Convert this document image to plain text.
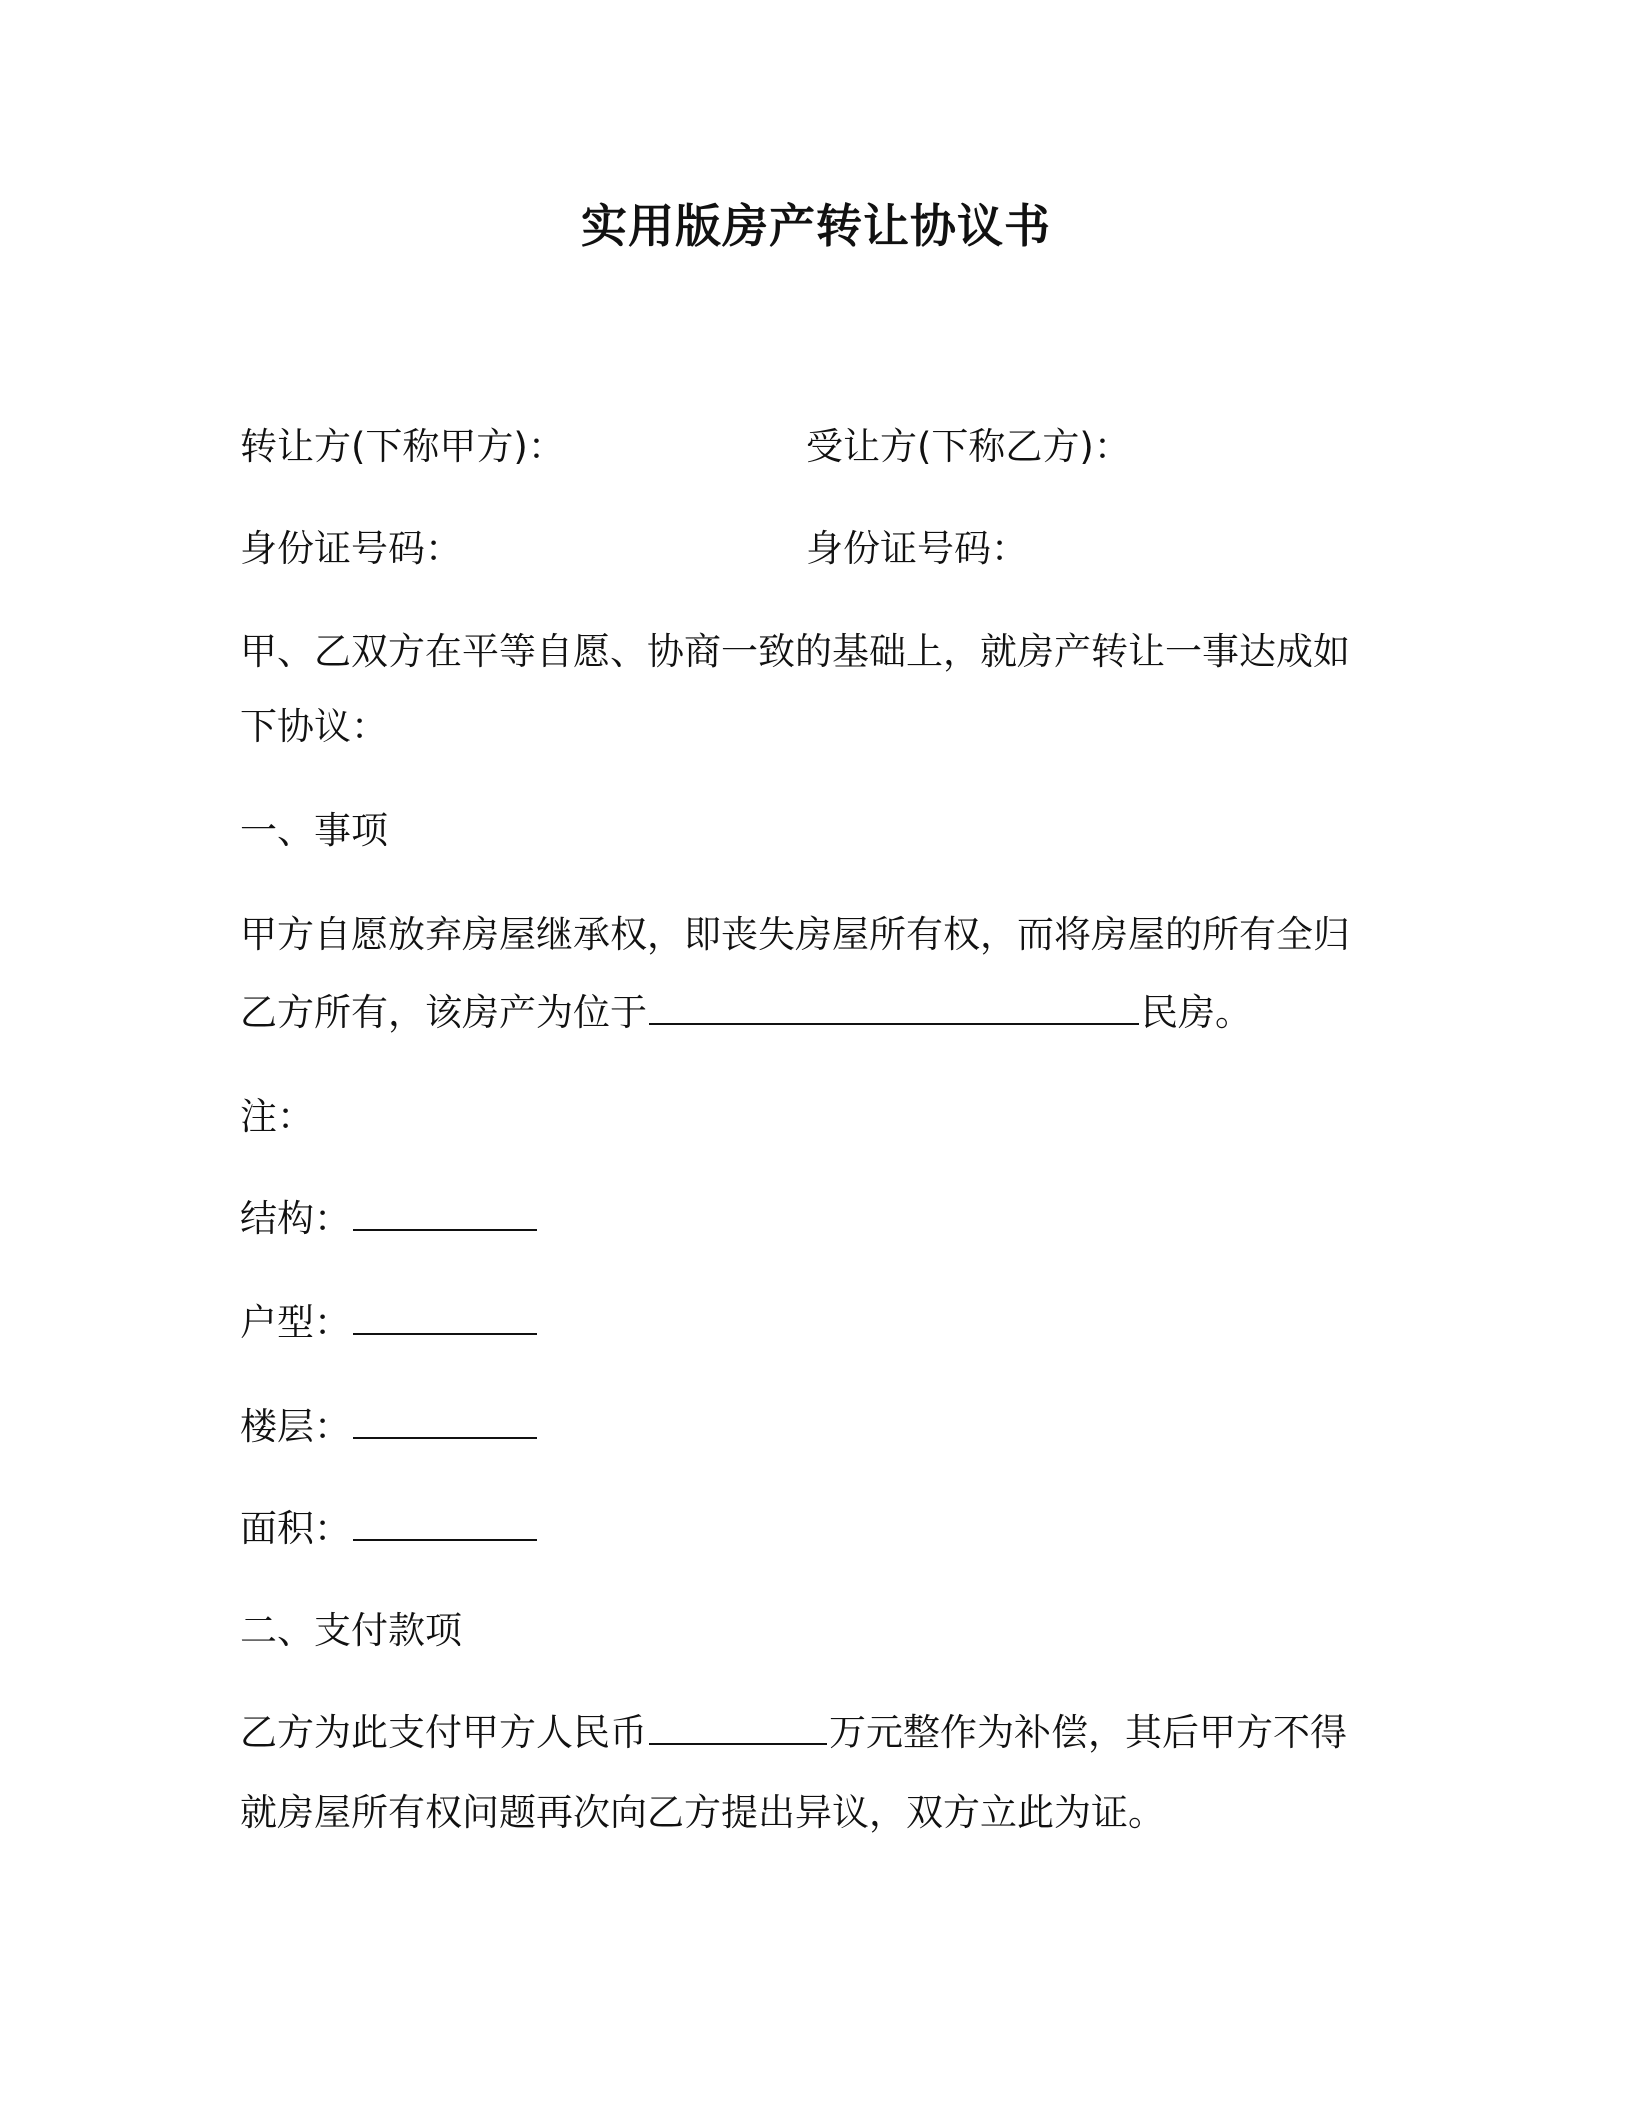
实用版房产转让协议书
转让方(下称甲方)：	受让方(下称乙方)：
身份证号码：	身份证号码：
甲、乙双方在平等自愿、协商一致的基础上，就房产转让一事达成如
下协议：
一、事项
甲方自愿放弃房屋继承权，即丧失房屋所有权，而将房屋的所有全归
乙方所有，该房产为位于	民房。
注：
结构：
户型：
楼层：
面积：
二、支付款项
乙方为此支付甲方人民币	万元整作为补偿，其后甲方不得
就房屋所有权问题再次向乙方提出异议，双方立此为证。
